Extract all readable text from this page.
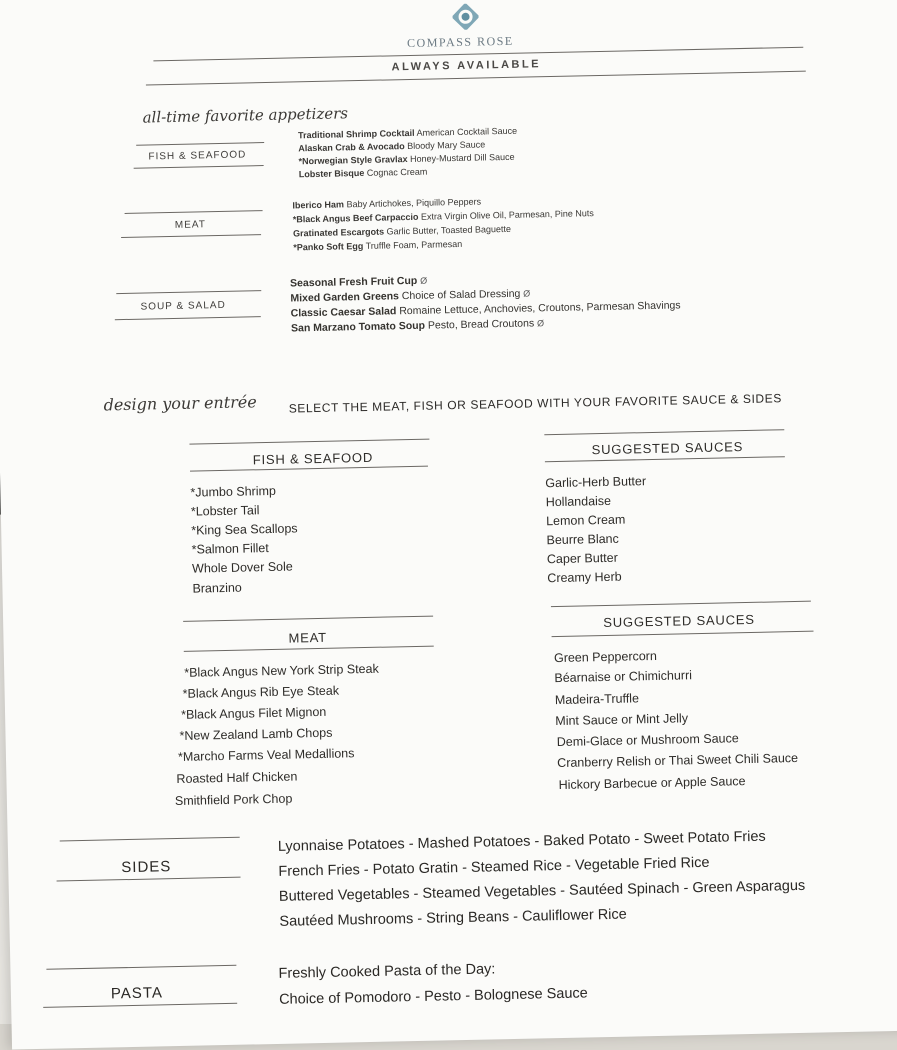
COMPASS ROSE
ALWAYS AVAILABLE
all-time favorite appetizers
FISH & SEAFOOD
Traditional Shrimp Cocktail American Cocktail Sauce
Alaskan Crab & Avocado Bloody Mary Sauce
*Norwegian Style Gravlax Honey-Mustard Dill Sauce
Lobster Bisque Cognac Cream
MEAT
Iberico Ham Baby Artichokes, Piquillo Peppers
*Black Angus Beef Carpaccio Extra Virgin Olive Oil, Parmesan, Pine Nuts
Gratinated Escargots Garlic Butter, Toasted Baguette
*Panko Soft Egg Truffle Foam, Parmesan
SOUP & SALAD
Seasonal Fresh Fruit Cup Ø
Mixed Garden Greens Choice of Salad Dressing Ø
Classic Caesar Salad Romaine Lettuce, Anchovies, Croutons, Parmesan Shavings
San Marzano Tomato Soup Pesto, Bread Croutons Ø
design your entrée	SELECT THE MEAT, FISH OR SEAFOOD WITH YOUR FAVORITE SAUCE & SIDES
FISH & SEAFOOD
*Jumbo Shrimp
*Lobster Tail
*King Sea Scallops
*Salmon Fillet
Whole Dover Sole
Branzino
SUGGESTED SAUCES
Garlic-Herb Butter
Hollandaise
Lemon Cream
Beurre Blanc
Caper Butter
Creamy Herb
MEAT
*Black Angus New York Strip Steak
*Black Angus Rib Eye Steak
*Black Angus Filet Mignon
*New Zealand Lamb Chops
*Marcho Farms Veal Medallions
Roasted Half Chicken
Smithfield Pork Chop
SUGGESTED SAUCES
Green Peppercorn
Béarnaise or Chimichurri
Madeira-Truffle
Mint Sauce or Mint Jelly
Demi-Glace or Mushroom Sauce
Cranberry Relish or Thai Sweet Chili Sauce
Hickory Barbecue or Apple Sauce
SIDES
Lyonnaise Potatoes - Mashed Potatoes - Baked Potato - Sweet Potato Fries
French Fries - Potato Gratin - Steamed Rice - Vegetable Fried Rice
Buttered Vegetables - Steamed Vegetables - Sautéed Spinach - Green Asparagus
Sautéed Mushrooms - String Beans - Cauliflower Rice
PASTA
Freshly Cooked Pasta of the Day:
Choice of Pomodoro - Pesto - Bolognese Sauce
